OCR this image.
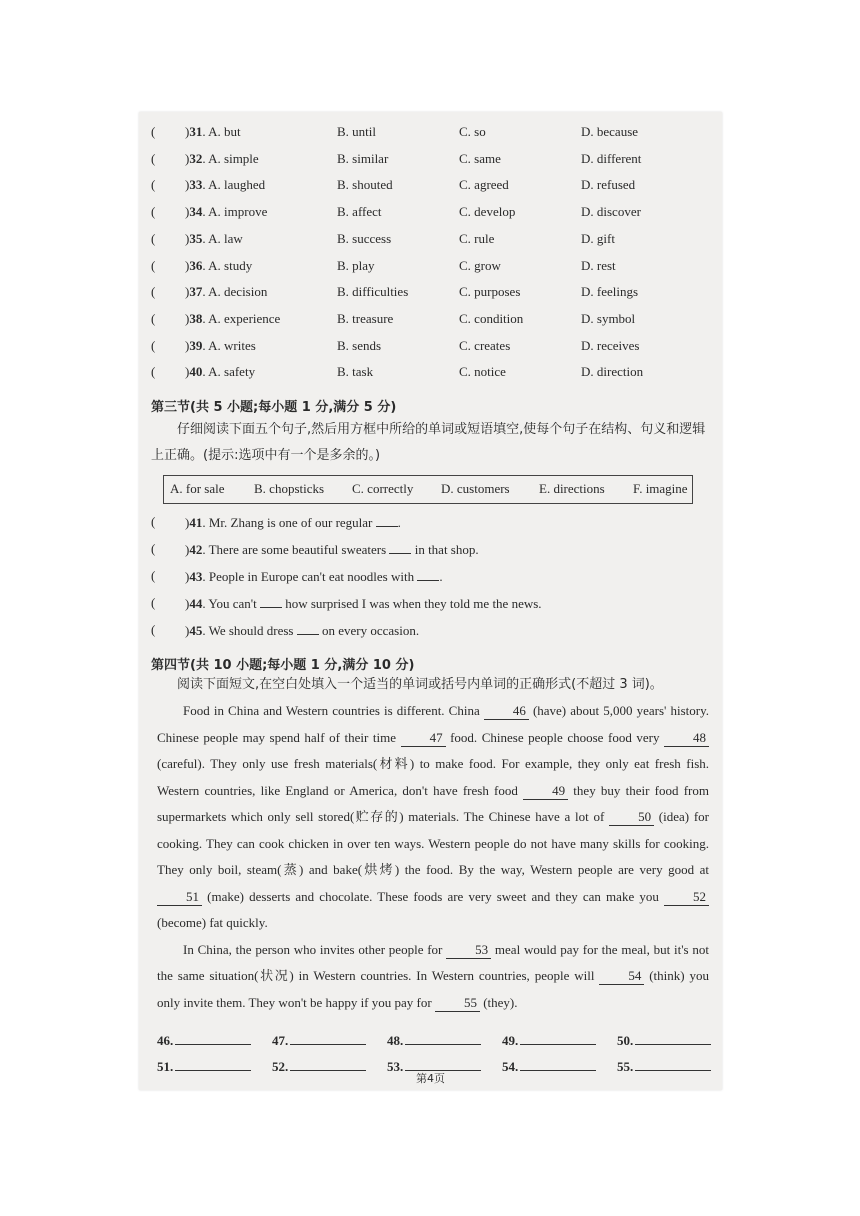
( )31. A. but	B. until	C. so	D. because
( )32. A. simple	B. similar	C. same	D. different
( )33. A. laughed	B. shouted	C. agreed	D. refused
( )34. A. improve	B. affect	C. develop	D. discover
( )35. A. law	B. success	C. rule	D. gift
( )36. A. study	B. play	C. grow	D. rest
( )37. A. decision	B. difficulties	C. purposes	D. feelings
( )38. A. experience	B. treasure	C. condition	D. symbol
( )39. A. writes	B. sends	C. creates	D. receives
( )40. A. safety	B. task	C. notice	D. direction
第三节(共 5 小题;每小题 1 分,满分 5 分)
仔细阅读下面五个句子,然后用方框中所给的单词或短语填空,使每个句子在结构、句义和逻辑上正确。(提示:选项中有一个是多余的。)
A. for sale B. chopsticks C. correctly D. customers E. directions F. imagine
( )41. Mr. Zhang is one of our regular .
( )42. There are some beautiful sweaters  in that shop.
( )43. People in Europe can't eat noodles with .
( )44. You can't  how surprised I was when they told me the news.
( )45. We should dress  on every occasion.
第四节(共 10 小题;每小题 1 分,满分 10 分)
阅读下面短文,在空白处填入一个适当的单词或括号内单词的正确形式(不超过 3 词)。

Food in China and Western countries is different. China 46 (have) about 5,000 years' history. Chinese people may spend half of their time 47 food. Chinese people choose food very 48 (careful). They only use fresh materials(材料) to make food. For example, they only eat fresh fish. Western countries, like England or America, don't have fresh food 49 they buy their food from supermarkets which only sell stored(贮存的) materials. The Chinese have a lot of 50 (idea) for cooking. They can cook chicken in over ten ways. Western people do not have many skills for cooking. They only boil, steam(蒸) and bake(烘烤) the food. By the way, Western people are very good at 51 (make) desserts and chocolate. These foods are very sweet and they can make you 52 (become) fat quickly.

In China, the person who invites other people for 53 meal would pay for the meal, but it's not the same situation(状况) in Western countries. In Western countries, people will 54 (think) you only invite them. They won't be happy if you pay for 55 (they).

46.	47.	48.	49.	50.
51.	52.	53.	54.	55.
第4页
